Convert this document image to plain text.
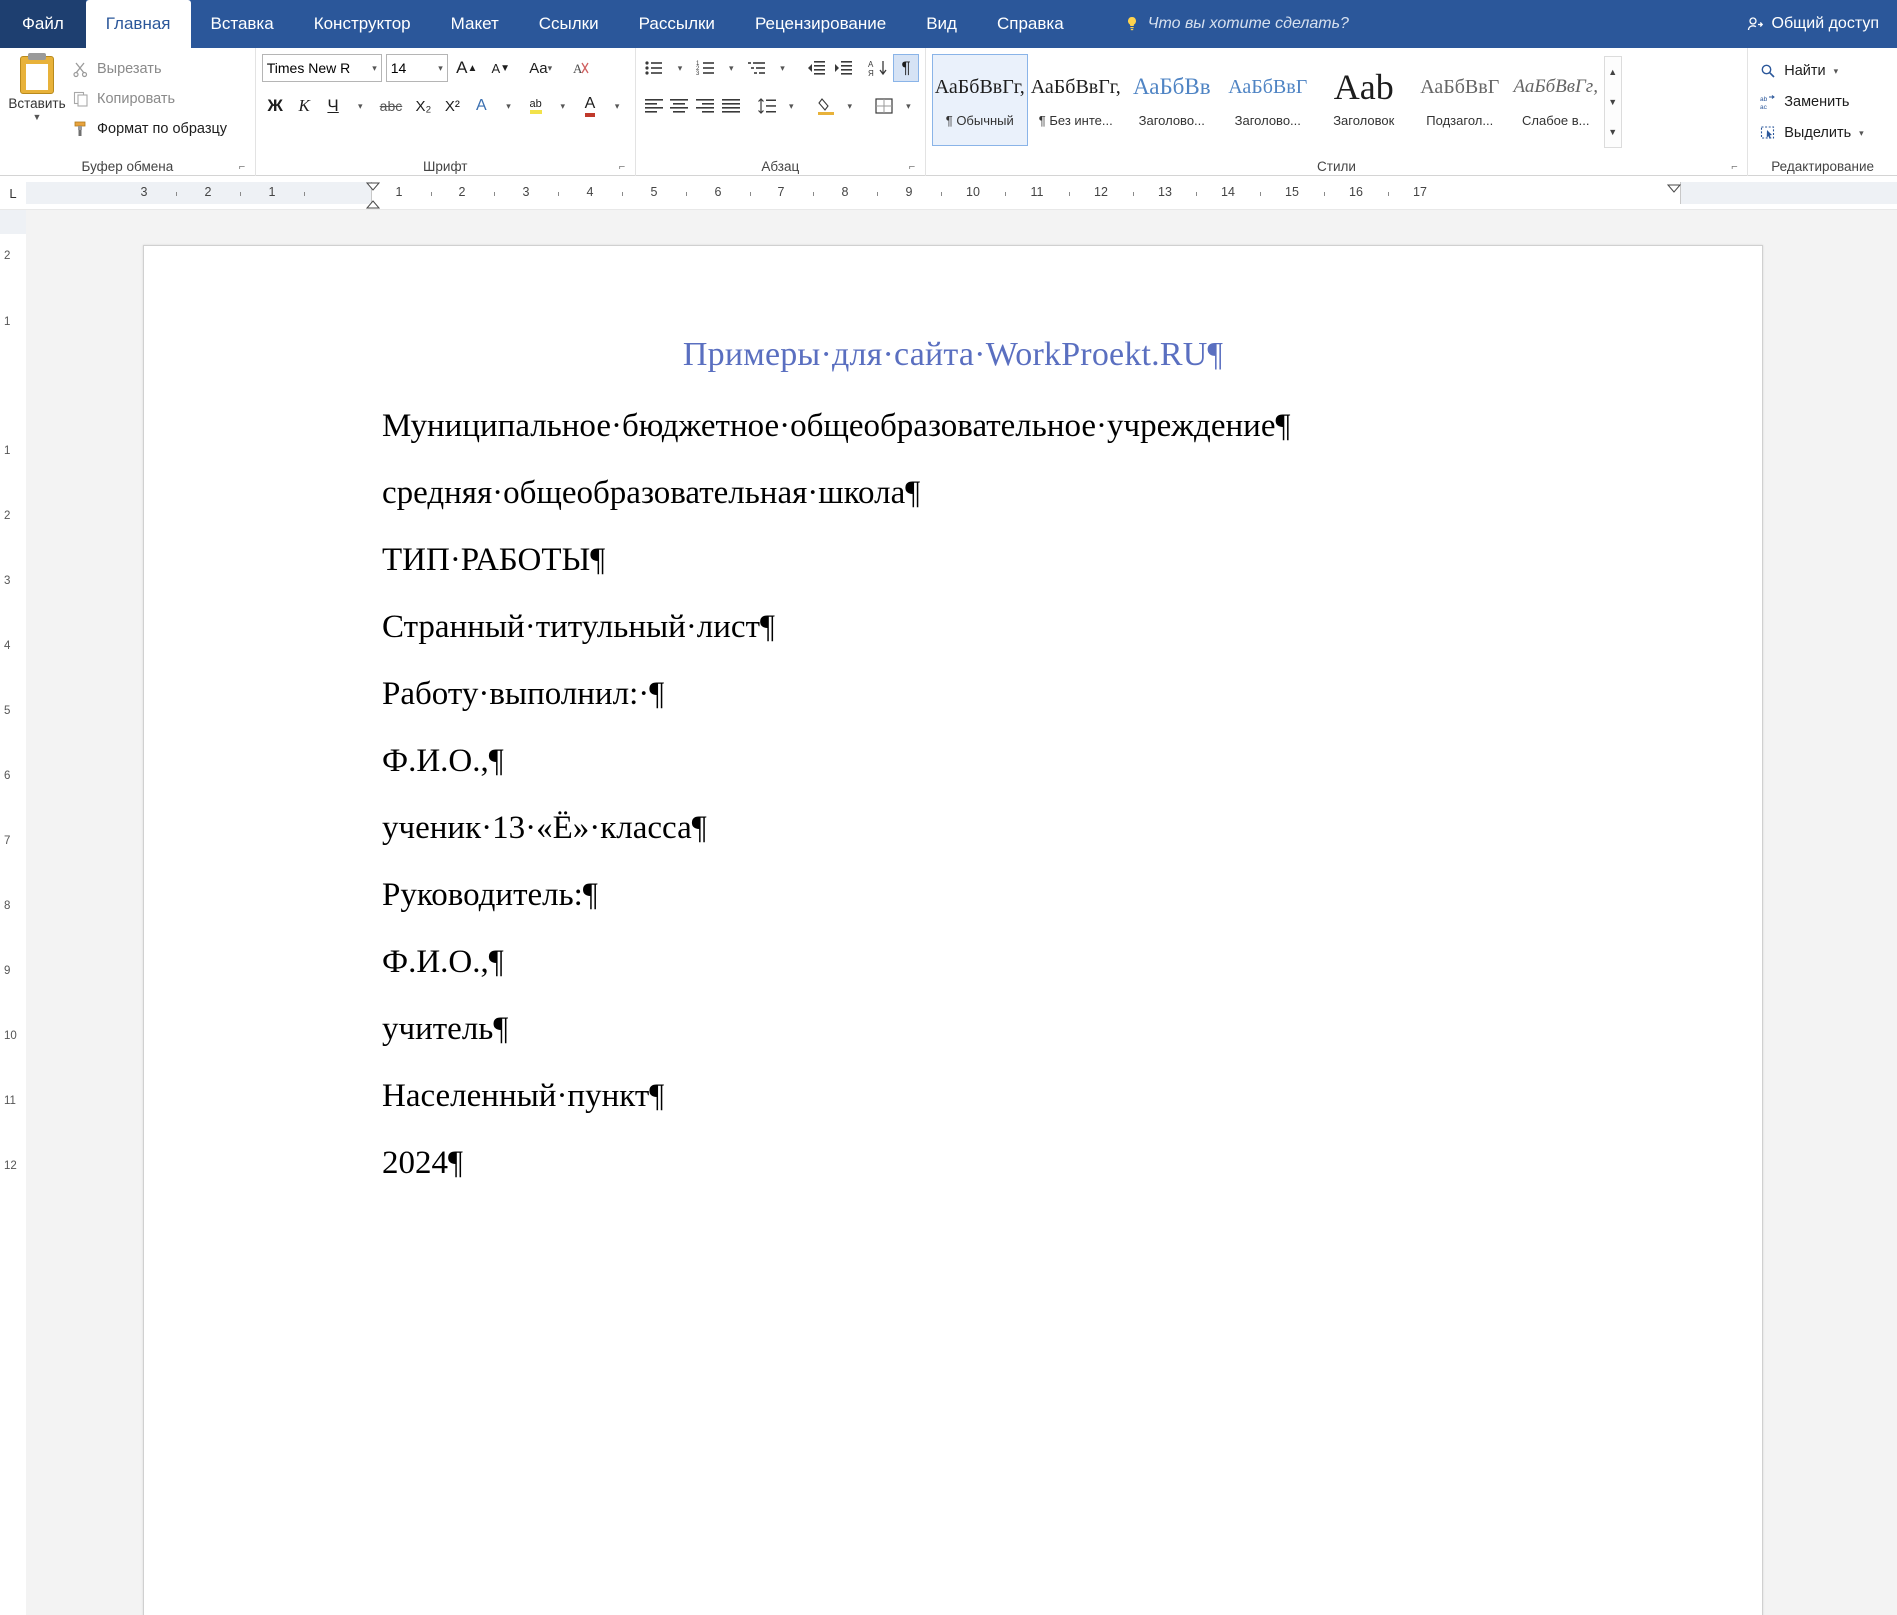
Файл Главная Вставка Конструктор Макет Ссылки Рассылки Рецензирование Вид Справка	Что вы хотите сделать?	Общий доступ
Вставить
▼
Вырезать
Копировать
Формат по образцу
Буфер обмена	⌐
Times New R ▾ 14	▾ A ▲ A ▼ Aa ▾ A
Ж К Ч ▾ abc X₂ X² A ▾ ab ▾ A ▾
Шрифт	⌐
▾ 1
2
3
▾	▾	А
Я ¶
▾	▾	▾
Абзац	⌐
АаБбВвГг,
¶ Обычный
АаБбВвГг,
¶ Без инте...
АаБбВв
Заголово...
АаБбВвГ
Заголово...
Aab
Заголовок
АаБбВвГ
Подзагол...
АаБбВвГг,
Слабое в...
▲
▼
▼
Стили	⌐
Найти ▾
ab
ac Заменить
Выделить ▾
Редактирование
L	3	2	1	1	2	3	4	5	6	7	8	9	10	11	12	13	14	15	16	17
2
1
1
2
3
4
5
6
7
8
9
10
11
12
Примеры·для·сайта·WorkProekt.RU¶
Муниципальное·бюджетное·общеобразовательное·учреждение¶
средняя·общеобразовательная·школа¶
ТИП·РАБОТЫ¶
Странный·титульный·лист¶
Работу·выполнил:·¶
Ф.И.О.,¶
ученик·13·«Ё»·класса¶
Руководитель:¶
Ф.И.О.,¶
учитель¶
Населенный·пункт¶
2024¶
